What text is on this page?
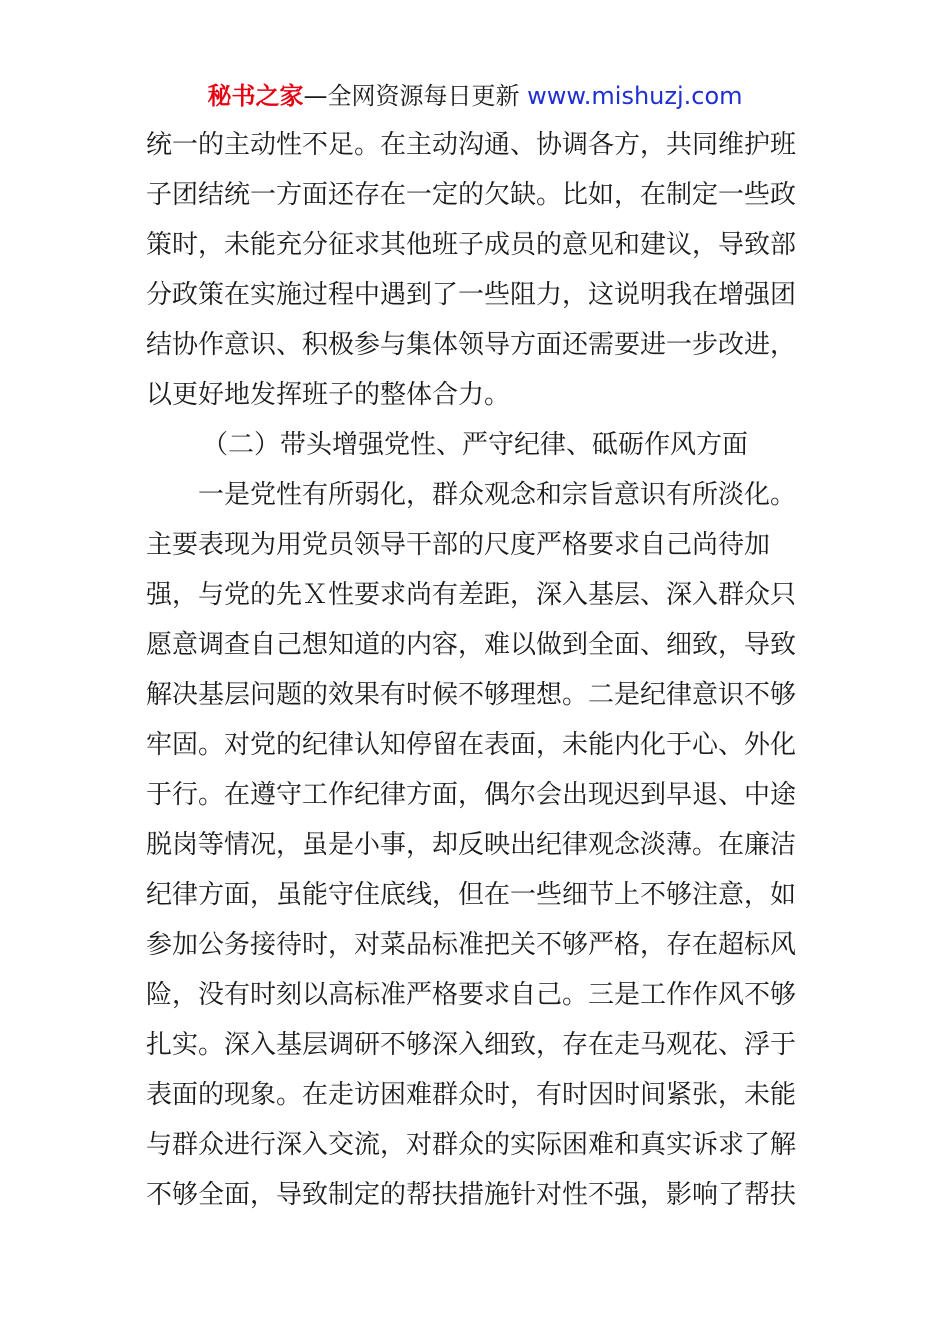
秘书之家—全网资源每日更新 www.mishuzj.com
统一的主动性不足。在主动沟通、协调各方，共同维护班
子团结统一方面还存在一定的欠缺。比如，在制定一些政
策时，未能充分征求其他班子成员的意见和建议，导致部
分政策在实施过程中遇到了一些阻力，这说明我在增强团
结协作意识、积极参与集体领导方面还需要进一步改进，
以更好地发挥班子的整体合力。
（二）带头增强党性、严守纪律、砥砺作风方面
一是党性有所弱化，群众观念和宗旨意识有所淡化。
主要表现为用党员领导干部的尺度严格要求自己尚待加
强，与党的先Ｘ性要求尚有差距，深入基层、深入群众只
愿意调查自己想知道的内容，难以做到全面、细致，导致
解决基层问题的效果有时候不够理想。二是纪律意识不够
牢固。对党的纪律认知停留在表面，未能内化于心、外化
于行。在遵守工作纪律方面，偶尔会出现迟到早退、中途
脱岗等情况，虽是小事，却反映出纪律观念淡薄。在廉洁
纪律方面，虽能守住底线，但在一些细节上不够注意，如
参加公务接待时，对菜品标准把关不够严格，存在超标风
险，没有时刻以高标准严格要求自己。三是工作作风不够
扎实。深入基层调研不够深入细致，存在走马观花、浮于
表面的现象。在走访困难群众时，有时因时间紧张，未能
与群众进行深入交流，对群众的实际困难和真实诉求了解
不够全面，导致制定的帮扶措施针对性不强，影响了帮扶
